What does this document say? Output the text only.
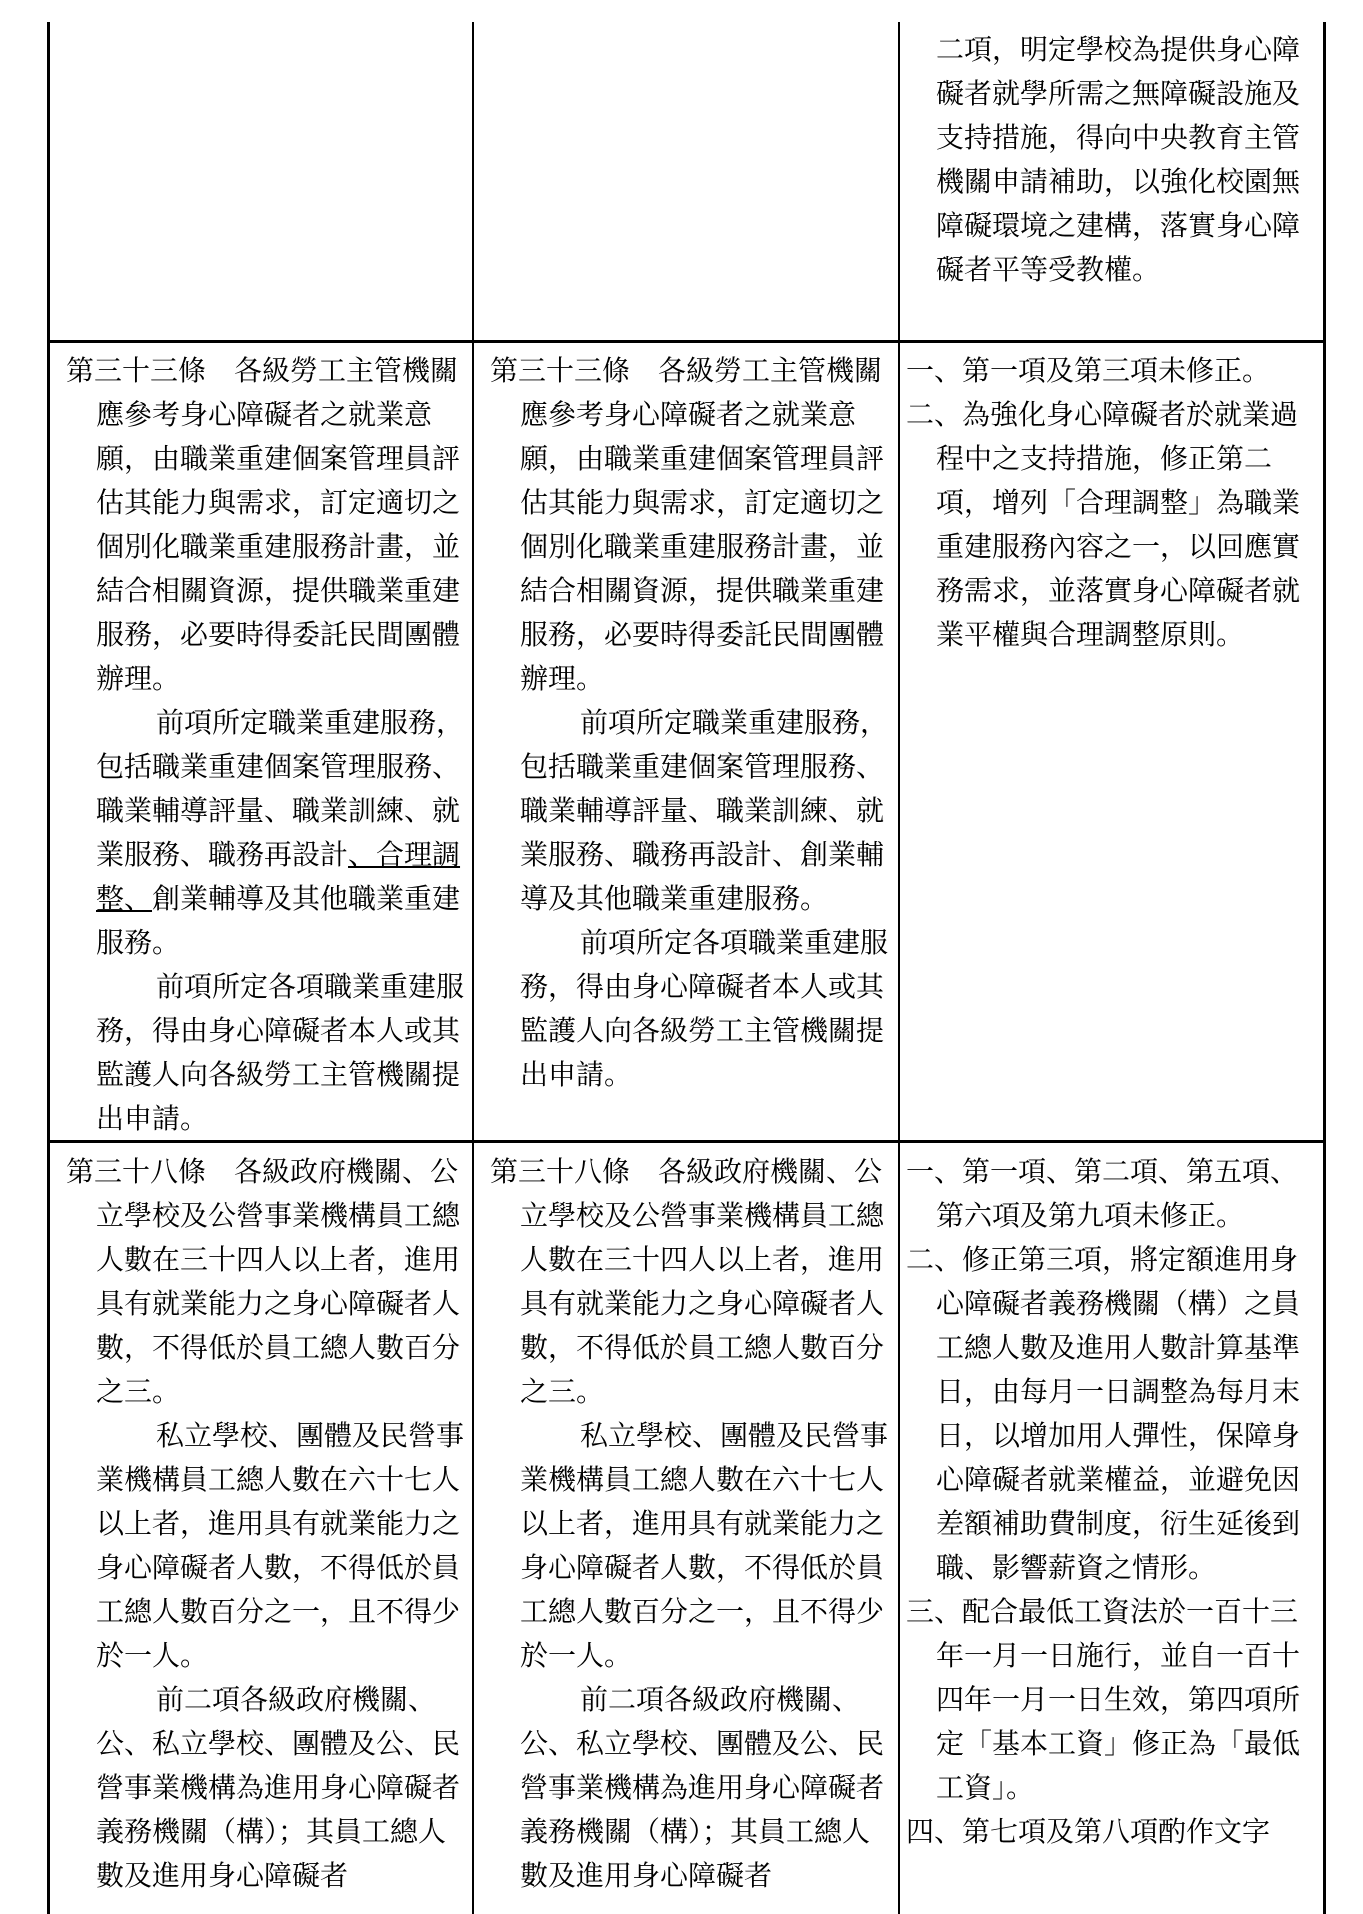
二項，明定學校為提供身心障礙者就學所需之無障礙設施及支持措施，得向中央教育主管機關申請補助，以強化校園無障礙環境之建構，落實身心障礙者平等受教權。

第三十三條　各級勞工主管機關應參考身心障礙者之就業意願，由職業重建個案管理員評估其能力與需求，訂定適切之個別化職業重建服務計畫，並結合相關資源，提供職業重建服務，必要時得委託民間團體辦理。

前項所定職業重建服務，包括職業重建個案管理服務、職業輔導評量、職業訓練、就業服務、職務再設計、合理調整、創業輔導及其他職業重建服務。

前項所定各項職業重建服務，得由身心障礙者本人或其監護人向各級勞工主管機關提出申請。

第三十三條　各級勞工主管機關應參考身心障礙者之就業意願，由職業重建個案管理員評估其能力與需求，訂定適切之個別化職業重建服務計畫，並結合相關資源，提供職業重建服務，必要時得委託民間團體辦理。

前項所定職業重建服務，包括職業重建個案管理服務、職業輔導評量、職業訓練、就業服務、職務再設計、創業輔導及其他職業重建服務。

前項所定各項職業重建服務，得由身心障礙者本人或其監護人向各級勞工主管機關提出申請。

一、第一項及第三項未修正。

二、為強化身心障礙者於就業過程中之支持措施，修正第二項，增列「合理調整」為職業重建服務內容之一，以回應實務需求，並落實身心障礙者就業平權與合理調整原則。

第三十八條　各級政府機關、公立學校及公營事業機構員工總人數在三十四人以上者，進用具有就業能力之身心障礙者人數，不得低於員工總人數百分之三。

私立學校、團體及民營事業機構員工總人數在六十七人以上者，進用具有就業能力之身心障礙者人數，不得低於員工總人數百分之一，且不得少於一人。

前二項各級政府機關、公、私立學校、團體及公、民營事業機構為進用身心障礙者義務機關（構）；其員工總人數及進用身心障礙者

第三十八條　各級政府機關、公立學校及公營事業機構員工總人數在三十四人以上者，進用具有就業能力之身心障礙者人數，不得低於員工總人數百分之三。

私立學校、團體及民營事業機構員工總人數在六十七人以上者，進用具有就業能力之身心障礙者人數，不得低於員工總人數百分之一，且不得少於一人。

前二項各級政府機關、公、私立學校、團體及公、民營事業機構為進用身心障礙者義務機關（構）；其員工總人數及進用身心障礙者

一、第一項、第二項、第五項、第六項及第九項未修正。

二、修正第三項，將定額進用身心障礙者義務機關（構）之員工總人數及進用人數計算基準日，由每月一日調整為每月末日，以增加用人彈性，保障身心障礙者就業權益，並避免因差額補助費制度，衍生延後到職、影響薪資之情形。

三、配合最低工資法於一百十三年一月一日施行，並自一百十四年一月一日生效，第四項所定「基本工資」修正為「最低工資」。

四、第七項及第八項酌作文字
